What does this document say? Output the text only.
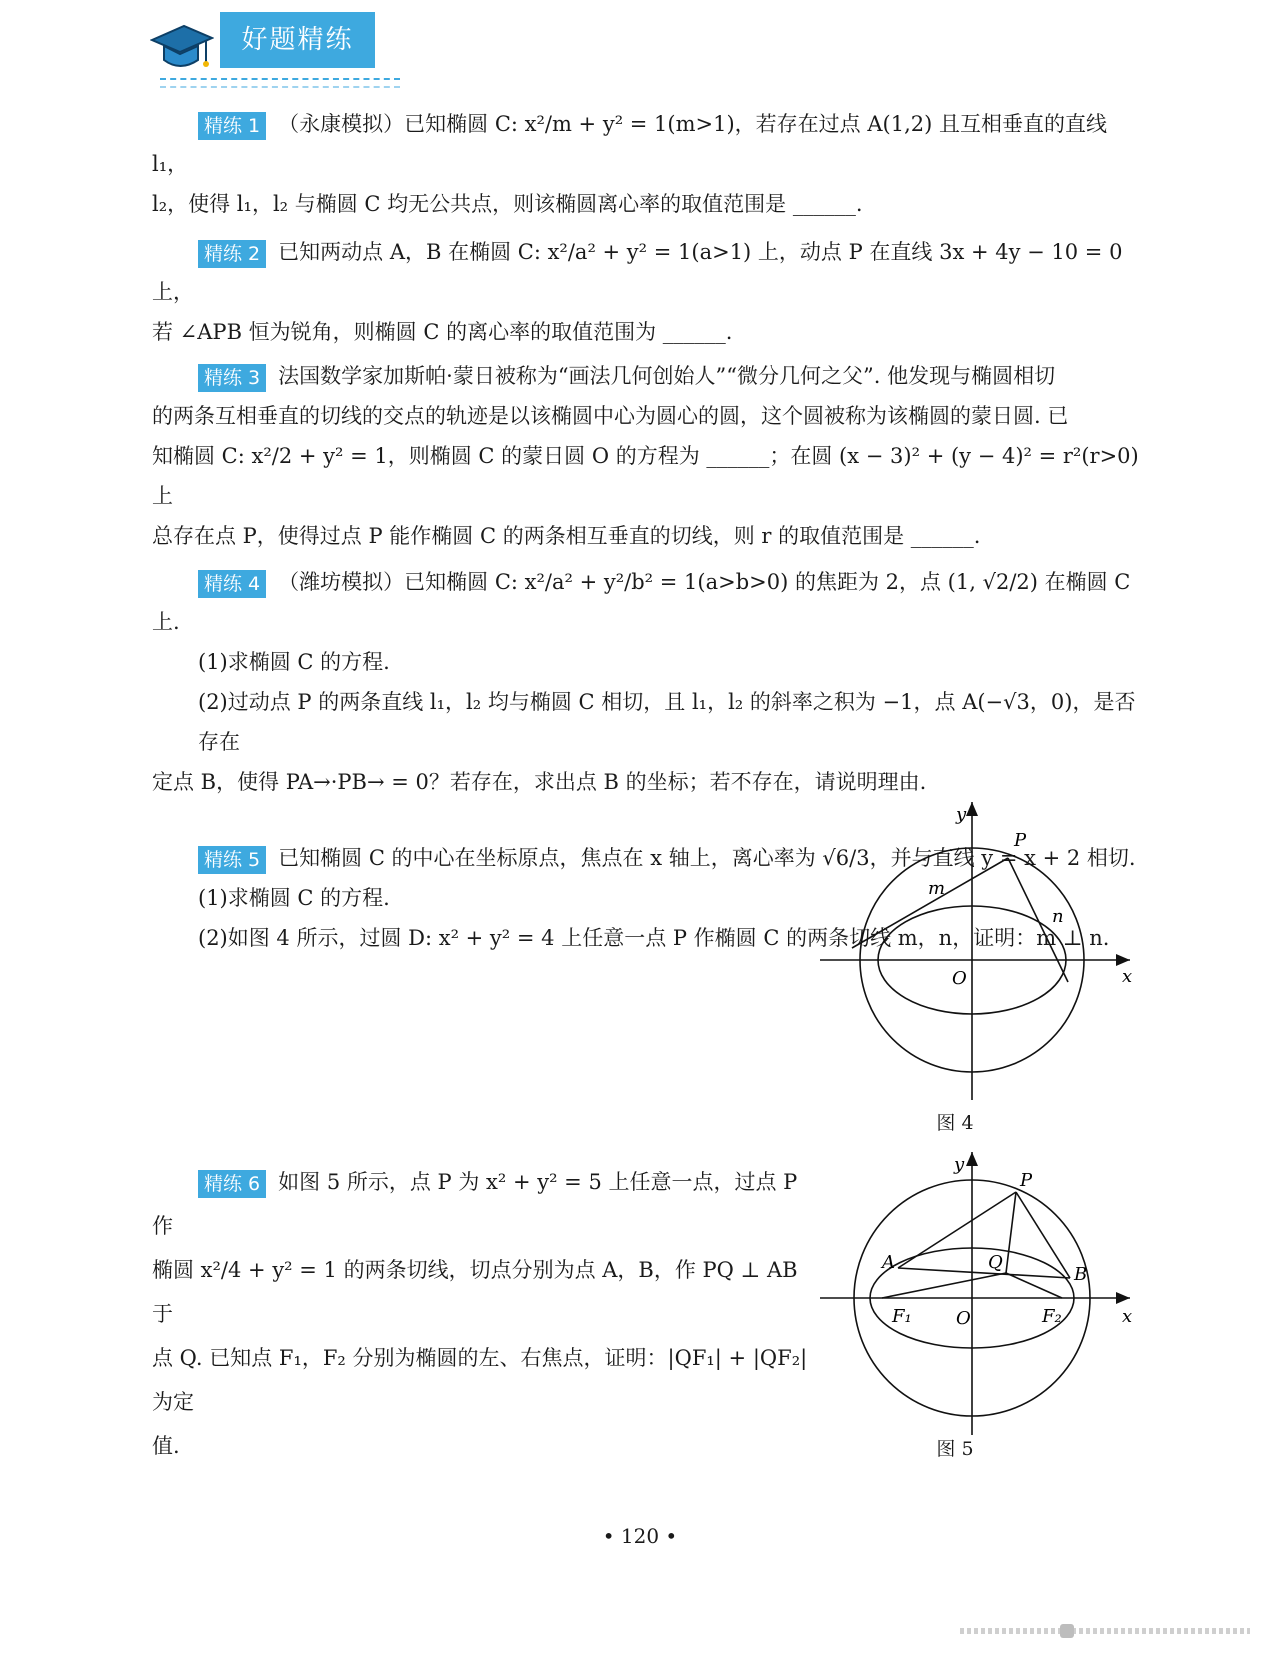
好题精练

精练 1 （永康模拟）已知椭圆 C: x²/m + y² = 1(m>1)，若存在过点 A(1,2) 且互相垂直的直线 l₁，
l₂，使得 l₁，l₂ 与椭圆 C 均无公共点，则该椭圆离心率的取值范围是 ______.

精练 2 已知两动点 A，B 在椭圆 C: x²/a² + y² = 1(a>1) 上，动点 P 在直线 3x + 4y − 10 = 0 上，
若 ∠APB 恒为锐角，则椭圆 C 的离心率的取值范围为 ______.

精练 3 法国数学家加斯帕·蒙日被称为“画法几何创始人”“微分几何之父”. 他发现与椭圆相切
的两条互相垂直的切线的交点的轨迹是以该椭圆中心为圆心的圆，这个圆被称为该椭圆的蒙日圆. 已
知椭圆 C: x²/2 + y² = 1，则椭圆 C 的蒙日圆 O 的方程为 ______；在圆 (x − 3)² + (y − 4)² = r²(r>0) 上
总存在点 P，使得过点 P 能作椭圆 C 的两条相互垂直的切线，则 r 的取值范围是 ______.

精练 4 （潍坊模拟）已知椭圆 C: x²/a² + y²/b² = 1(a>b>0) 的焦距为 2，点 (1, √2/2) 在椭圆 C 上.

(1)求椭圆 C 的方程.

(2)过动点 P 的两条直线 l₁，l₂ 均与椭圆 C 相切，且 l₁，l₂ 的斜率之积为 −1，点 A(−√3，0)，是否存在

定点 B，使得 PA→·PB→ = 0？若存在，求出点 B 的坐标；若不存在，请说明理由.

精练 5 已知椭圆 C 的中心在坐标原点，焦点在 x 轴上，离心率为 √6/3，并与直线 y = x + 2 相切.

(1)求椭圆 C 的方程.

(2)如图 4 所示，过圆 D: x² + y² = 4 上任意一点 P 作椭圆 C 的两条切线 m，n，证明：m ⊥ n.

y
x
O
P
m
n
图 4
精练 6 如图 5 所示，点 P 为 x² + y² = 5 上任意一点，过点 P 作
椭圆 x²/4 + y² = 1 的两条切线，切点分别为点 A，B，作 PQ ⊥ AB 于
点 Q. 已知点 F₁，F₂ 分别为椭圆的左、右焦点，证明：|QF₁| + |QF₂| 为定
值.
y
x
O
P
A
B
Q
F₁	F₂
图 5
• 120 •
